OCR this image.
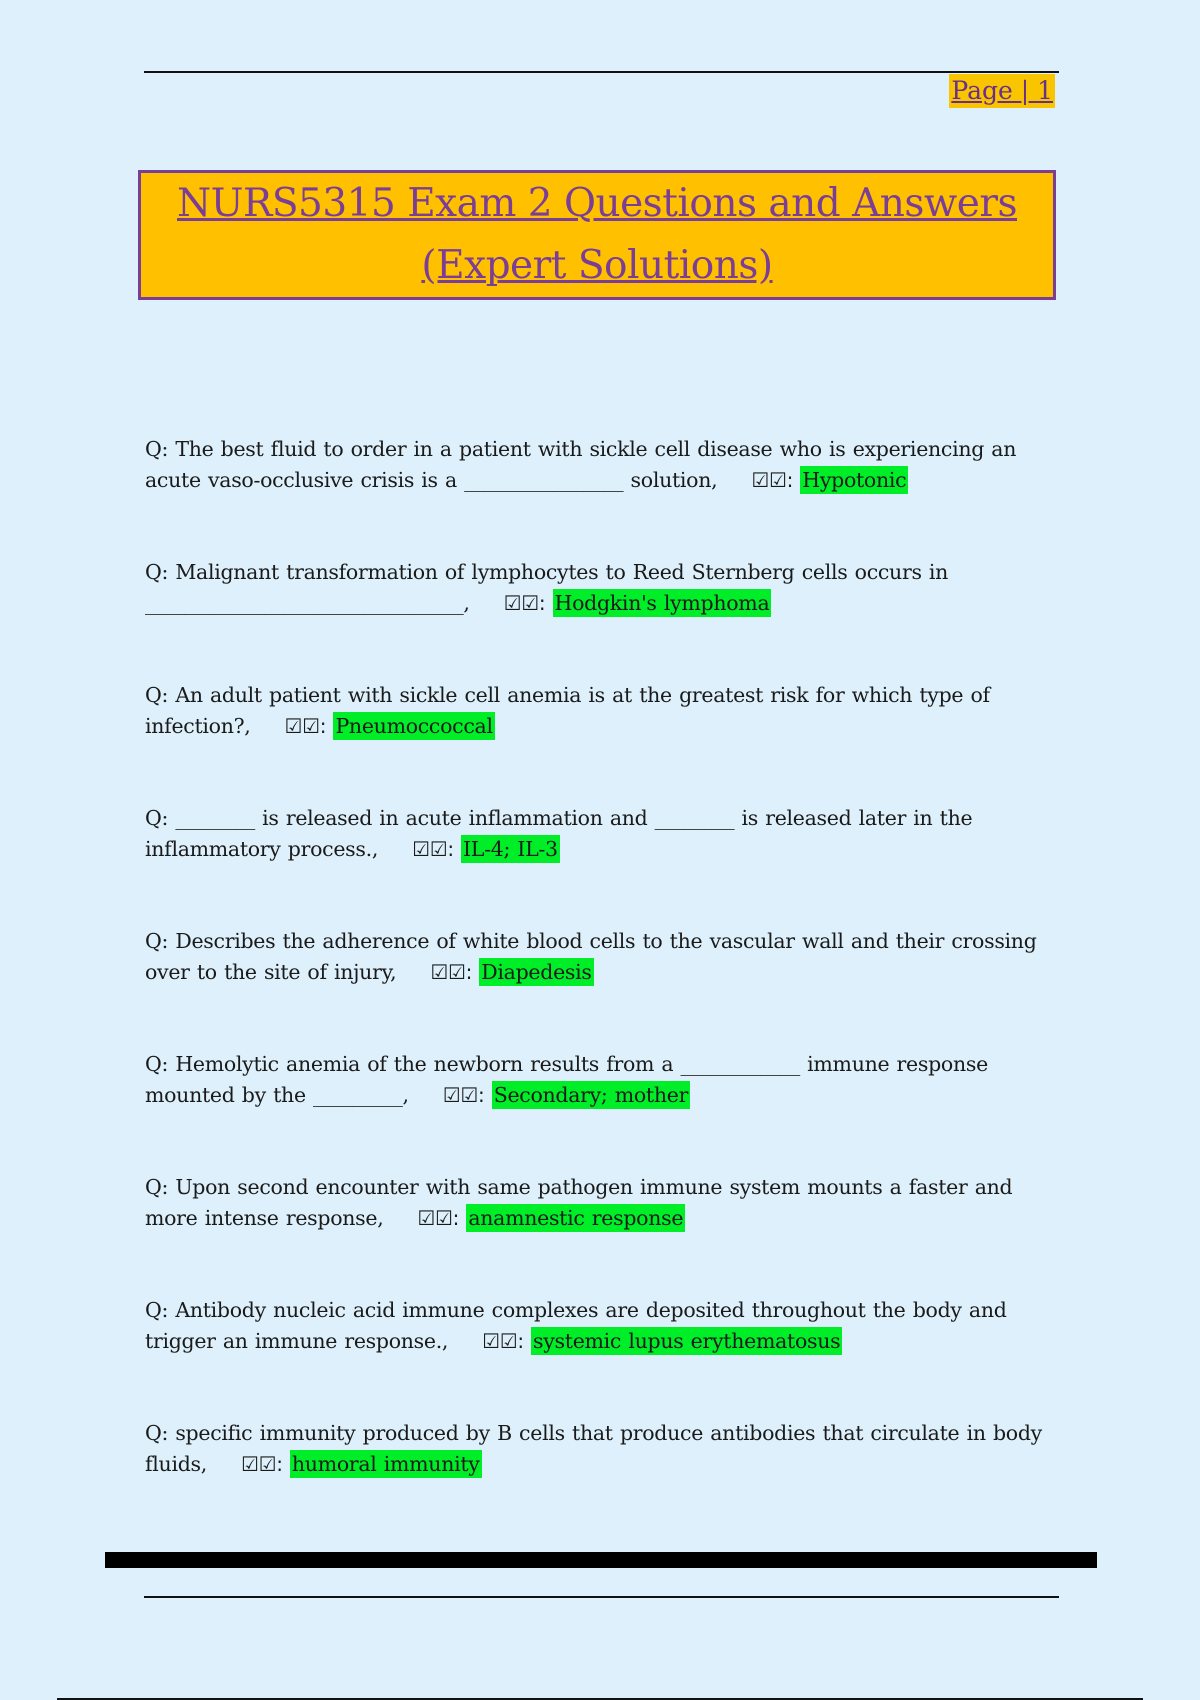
Page | 1
NURS5315 Exam 2 Questions and Answers
(Expert Solutions)
Q: The best fluid to order in a patient with sickle cell disease who is experiencing an acute vaso-occlusive crisis is a ________________ solution, ☑☑: Hypotonic
Q: Malignant transformation of lymphocytes to Reed Sternberg cells occurs in ________________________________, ☑☑: Hodgkin's lymphoma
Q: An adult patient with sickle cell anemia is at the greatest risk for which type of infection?, ☑☑: Pneumoccoccal
Q: ________ is released in acute inflammation and ________ is released later in the inflammatory process., ☑☑: IL-4; IL-3
Q: Describes the adherence of white blood cells to the vascular wall and their crossing over to the site of injury, ☑☑: Diapedesis
Q: Hemolytic anemia of the newborn results from a ____________ immune response mounted by the _________, ☑☑: Secondary; mother
Q: Upon second encounter with same pathogen immune system mounts a faster and more intense response, ☑☑: anamnestic response
Q: Antibody nucleic acid immune complexes are deposited throughout the body and trigger an immune response., ☑☑: systemic lupus erythematosus
Q: specific immunity produced by B cells that produce antibodies that circulate in body fluids, ☑☑: humoral immunity
